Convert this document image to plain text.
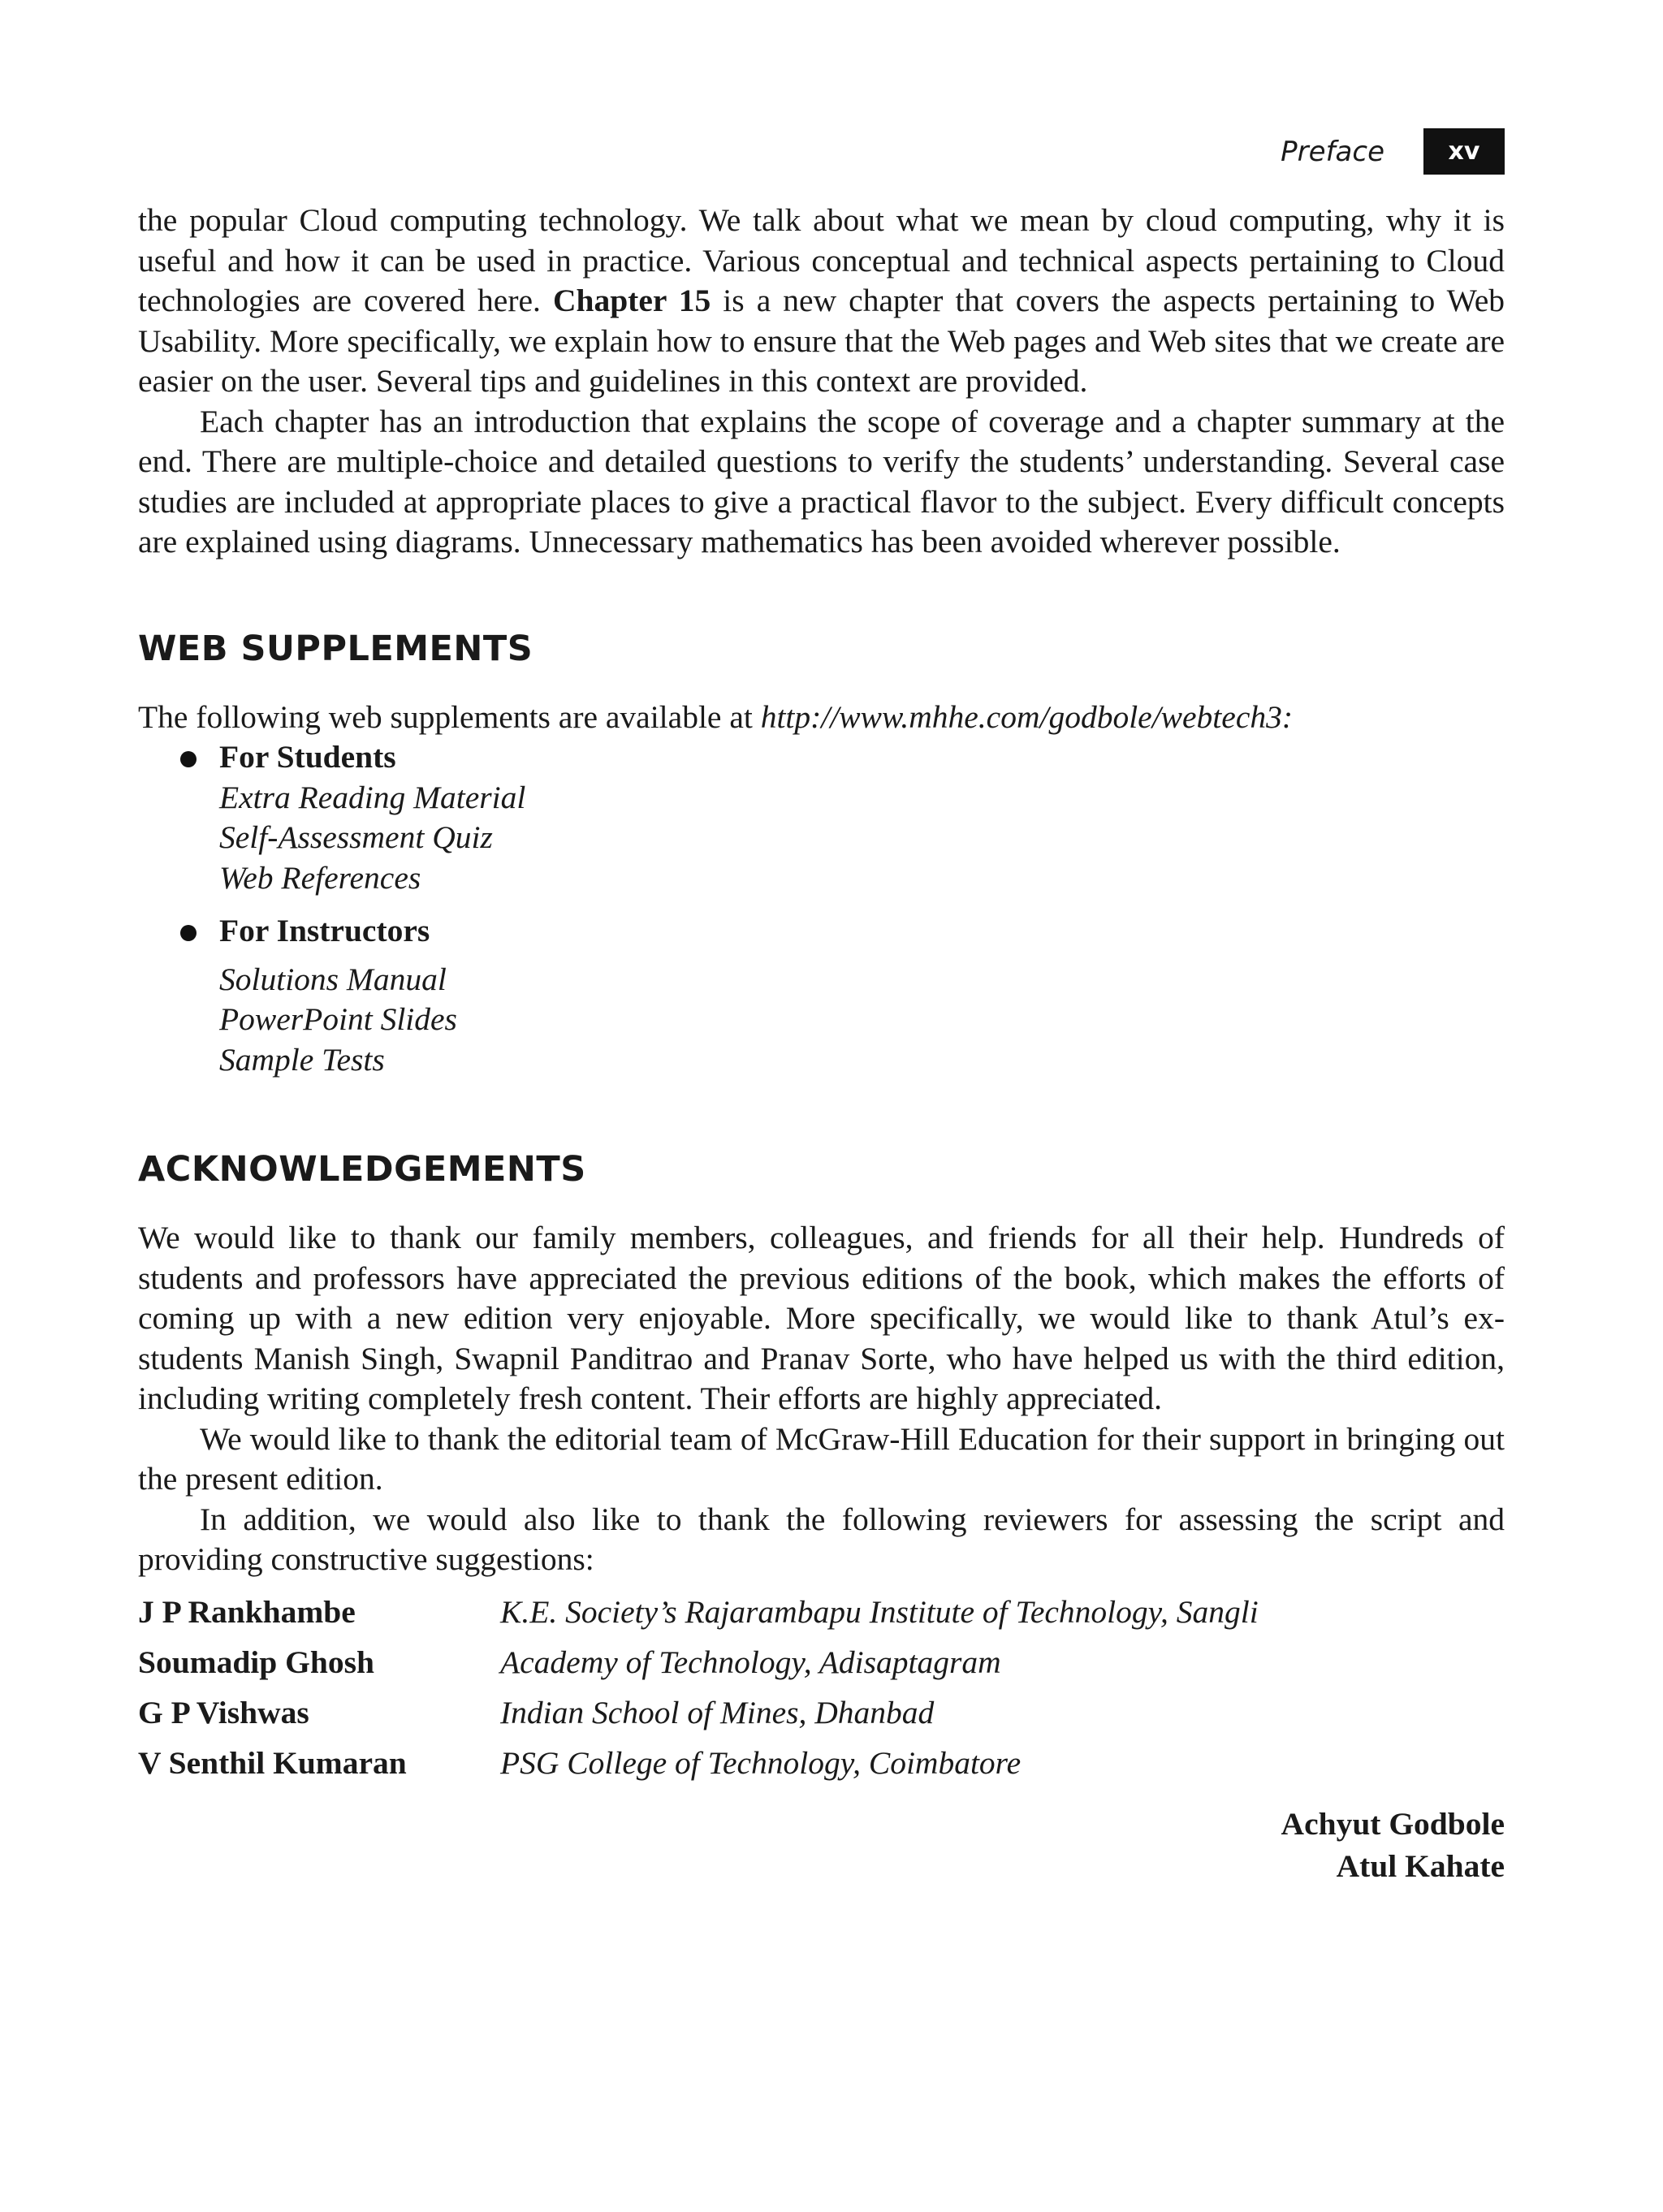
Preface	xv

the popular Cloud computing technology. We talk about what we mean by cloud computing, why it is useful and how it can be used in practice. Various conceptual and technical aspects pertaining to Cloud technologies are covered here. Chapter 15 is a new chapter that covers the aspects pertaining to Web Usability. More specifically, we explain how to ensure that the Web pages and Web sites that we create are easier on the user. Several tips and guidelines in this context are provided.

Each chapter has an introduction that explains the scope of coverage and a chapter summary at the end. There are multiple-choice and detailed questions to verify the students’ understanding. Several case studies are included at appropriate places to give a practical flavor to the subject. Every difficult concepts are explained using diagrams. Unnecessary mathematics has been avoided wherever possible.

WEB SUPPLEMENTS

The following web supplements are available at http://www.mhhe.com/godbole/webtech3:

For Students
Extra Reading Material
Self-Assessment Quiz
Web References
For Instructors
Solutions Manual
PowerPoint Slides
Sample Tests
ACKNOWLEDGEMENTS

We would like to thank our family members, colleagues, and friends for all their help. Hundreds of students and professors have appreciated the previous editions of the book, which makes the efforts of coming up with a new edition very enjoyable. More specifically, we would like to thank Atul’s ex-students Manish Singh, Swapnil Panditrao and Pranav Sorte, who have helped us with the third edition, including writing completely fresh content. Their efforts are highly appreciated.

We would like to thank the editorial team of McGraw-Hill Education for their support in bringing out the present edition.

In addition, we would also like to thank the following reviewers for assessing the script and providing constructive suggestions:

J P Rankhambe	K.E. Society’s Rajarambapu Institute of Technology, Sangli
Soumadip Ghosh	Academy of Technology, Adisaptagram
G P Vishwas	Indian School of Mines, Dhanbad
V Senthil Kumaran	PSG College of Technology, Coimbatore
Achyut Godbole
Atul Kahate
